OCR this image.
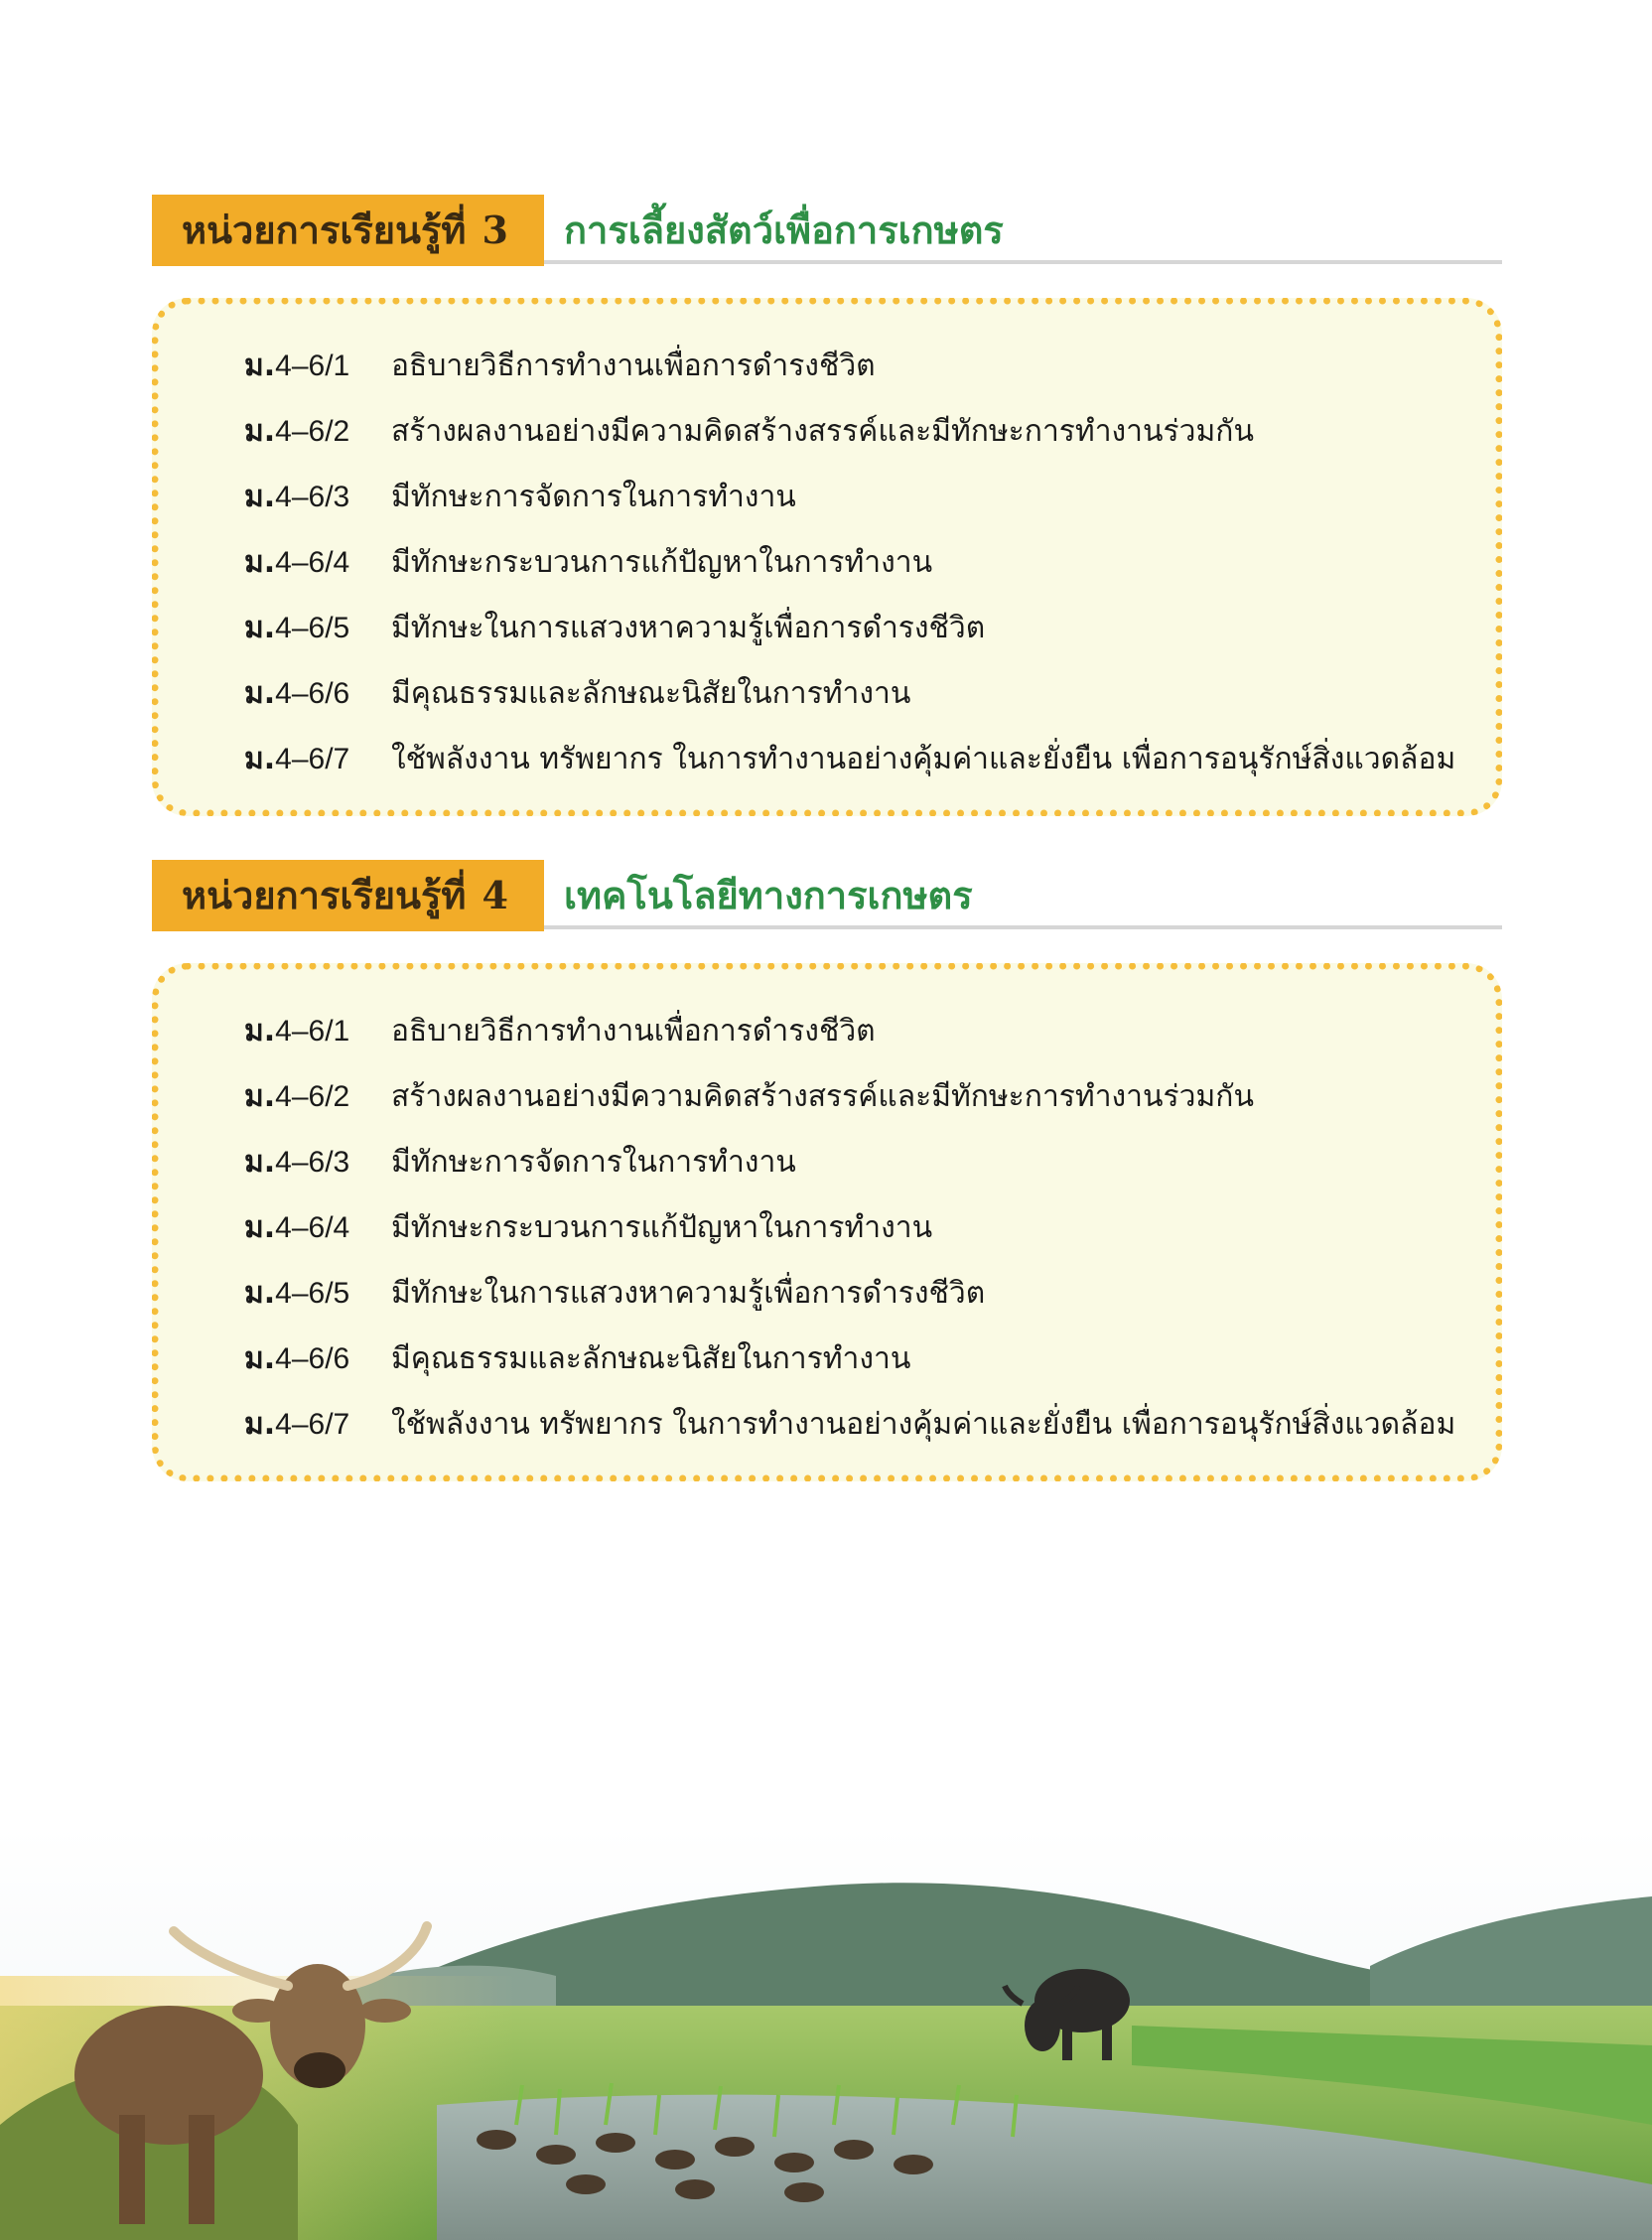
หน่วยการเรียนรู้ที่ 3	การเลี้ยงสัตว์เพื่อการเกษตร
ม.4–6/1 อธิบายวิธีการทำงานเพื่อการดำรงชีวิต
ม.4–6/2 สร้างผลงานอย่างมีความคิดสร้างสรรค์และมีทักษะการทำงานร่วมกัน
ม.4–6/3 มีทักษะการจัดการในการทำงาน
ม.4–6/4 มีทักษะกระบวนการแก้ปัญหาในการทำงาน
ม.4–6/5 มีทักษะในการแสวงหาความรู้เพื่อการดำรงชีวิต
ม.4–6/6 มีคุณธรรมและลักษณะนิสัยในการทำงาน
ม.4–6/7 ใช้พลังงาน ทรัพยากร ในการทำงานอย่างคุ้มค่าและยั่งยืน เพื่อการอนุรักษ์สิ่งแวดล้อม
หน่วยการเรียนรู้ที่ 4	เทคโนโลยีทางการเกษตร
ม.4–6/1 อธิบายวิธีการทำงานเพื่อการดำรงชีวิต
ม.4–6/2 สร้างผลงานอย่างมีความคิดสร้างสรรค์และมีทักษะการทำงานร่วมกัน
ม.4–6/3 มีทักษะการจัดการในการทำงาน
ม.4–6/4 มีทักษะกระบวนการแก้ปัญหาในการทำงาน
ม.4–6/5 มีทักษะในการแสวงหาความรู้เพื่อการดำรงชีวิต
ม.4–6/6 มีคุณธรรมและลักษณะนิสัยในการทำงาน
ม.4–6/7 ใช้พลังงาน ทรัพยากร ในการทำงานอย่างคุ้มค่าและยั่งยืน เพื่อการอนุรักษ์สิ่งแวดล้อม
